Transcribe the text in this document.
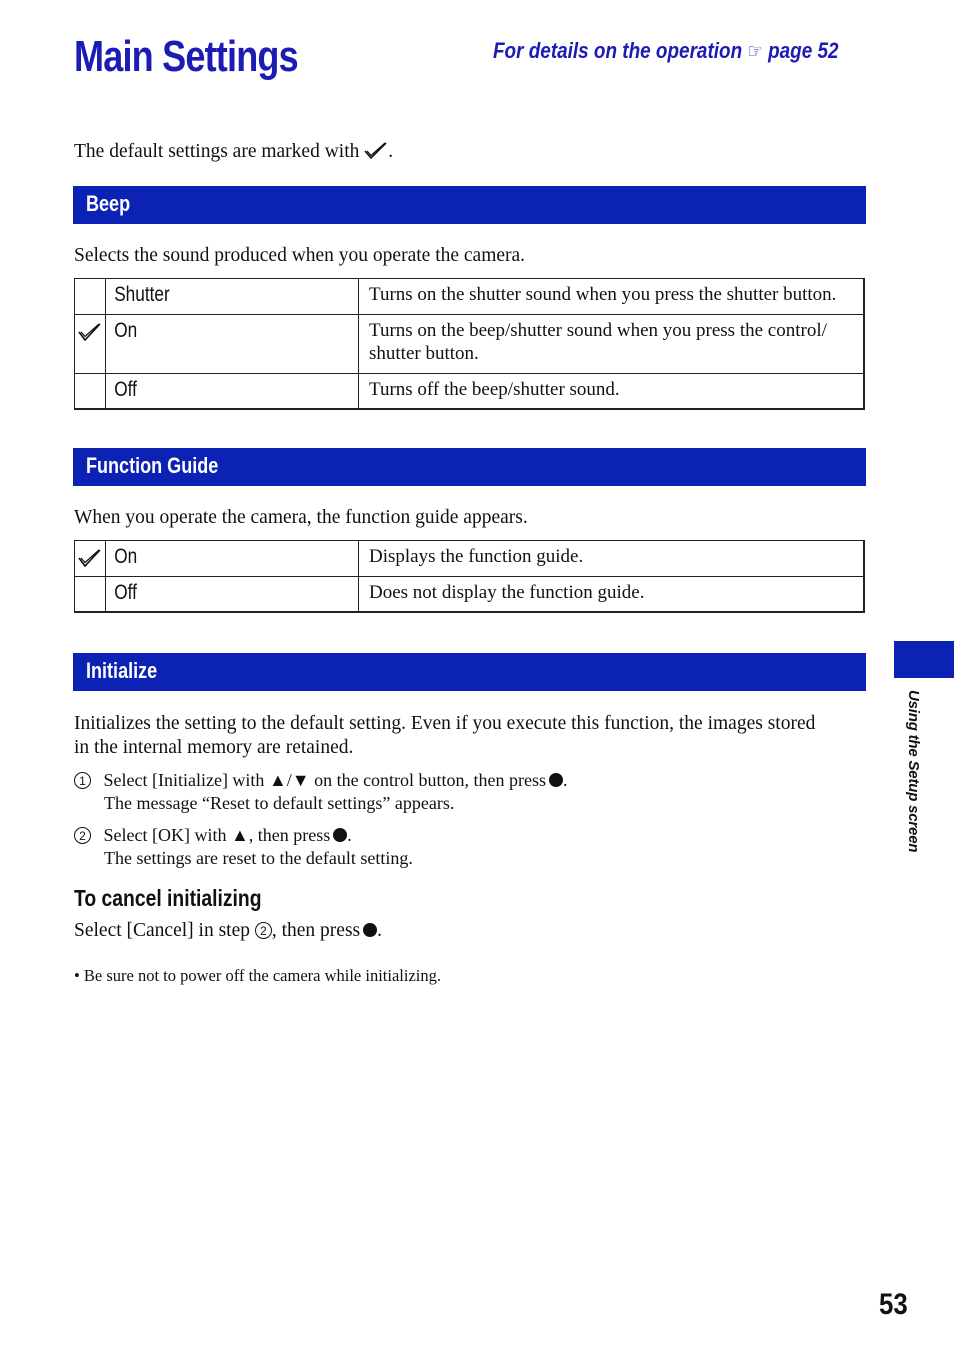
Main Settings	For details on the operation ☞ page 52
The default settings are marked with .
Beep
Selects the sound produced when you operate the camera.
	Shutter	Turns on the shutter sound when you press the shutter button.
	On	Turns on the beep/shutter sound when you press the control/ shutter button.
	Off	Turns off the beep/shutter sound.
Function Guide
When you operate the camera, the function guide appears.
	On	Displays the function guide.
	Off	Does not display the function guide.
Initialize
Initializes the setting to the default setting. Even if you execute this function, the images stored in the internal memory are retained.
1 Select [Initialize] with ▲/▼ on the control button, then press .
The message “Reset to default settings” appears.
2 Select [OK] with ▲, then press .
The settings are reset to the default setting.
To cancel initializing
Select [Cancel] in step 2 , then press .
• Be sure not to power off the camera while initializing.
Using the Setup screen
53
